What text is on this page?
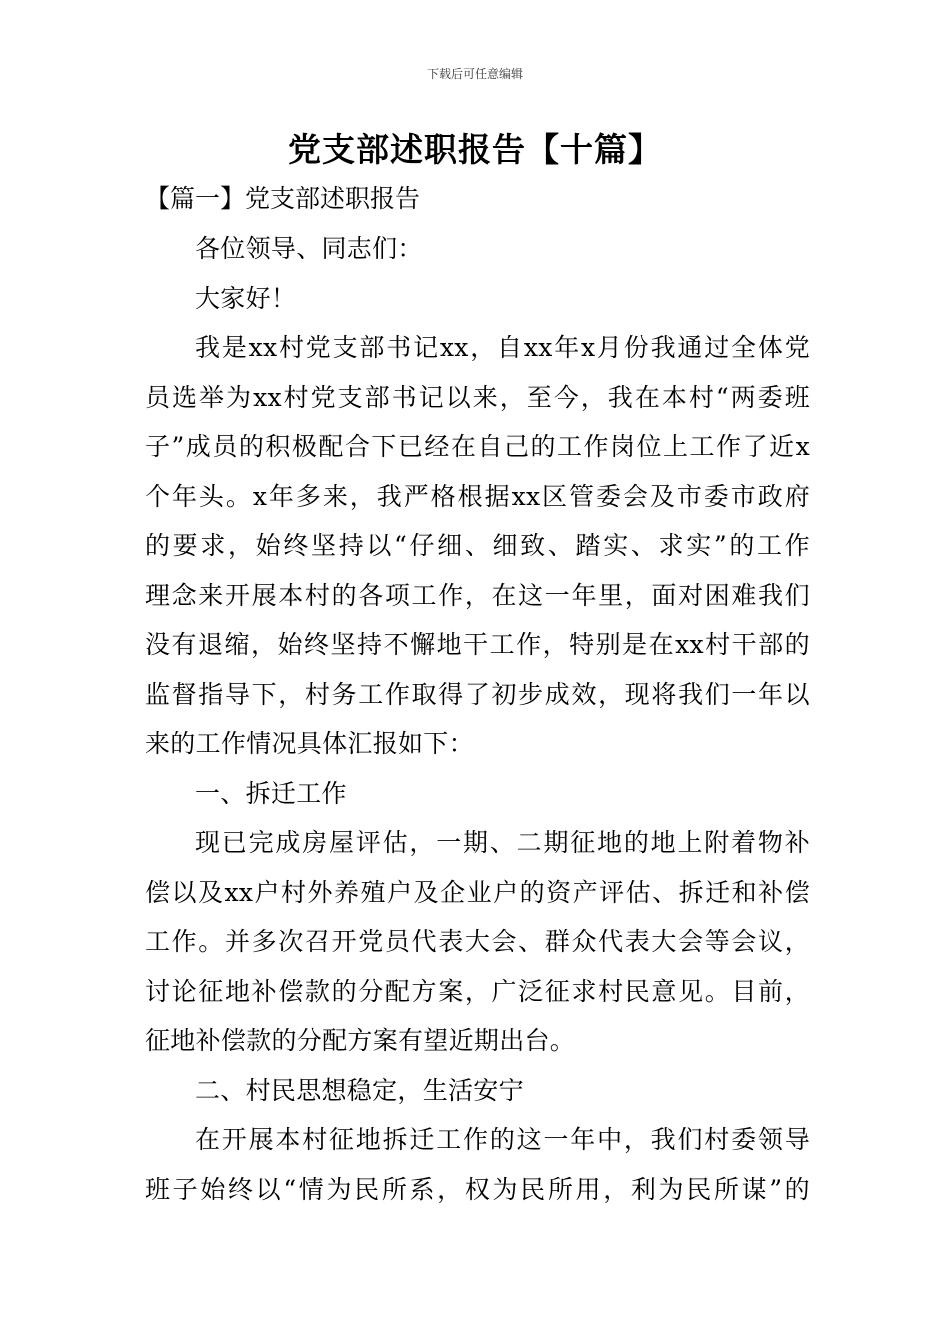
下载后可任意编辑
党支部述职报告【十篇】

【篇一】党支部述职报告

各位领导、同志们：

大家好！

我是xx村党支部书记xx，自xx年x月份我通过全体党

员选举为xx村党支部书记以来，至今，我在本村“两委班

子”成员的积极配合下已经在自己的工作岗位上工作了近x

个年头。x年多来，我严格根据xx区管委会及市委市政府

的要求，始终坚持以“仔细、细致、踏实、求实”的工作

理念来开展本村的各项工作，在这一年里，面对困难我们

没有退缩，始终坚持不懈地干工作，特别是在xx村干部的

监督指导下，村务工作取得了初步成效，现将我们一年以

来的工作情况具体汇报如下：

一、拆迁工作

现已完成房屋评估，一期、二期征地的地上附着物补

偿以及xx户村外养殖户及企业户的资产评估、拆迁和补偿

工作。并多次召开党员代表大会、群众代表大会等会议，

讨论征地补偿款的分配方案，广泛征求村民意见。目前，

征地补偿款的分配方案有望近期出台。

二、村民思想稳定，生活安宁

在开展本村征地拆迁工作的这一年中，我们村委领导

班子始终以“情为民所系，权为民所用，利为民所谋”的
